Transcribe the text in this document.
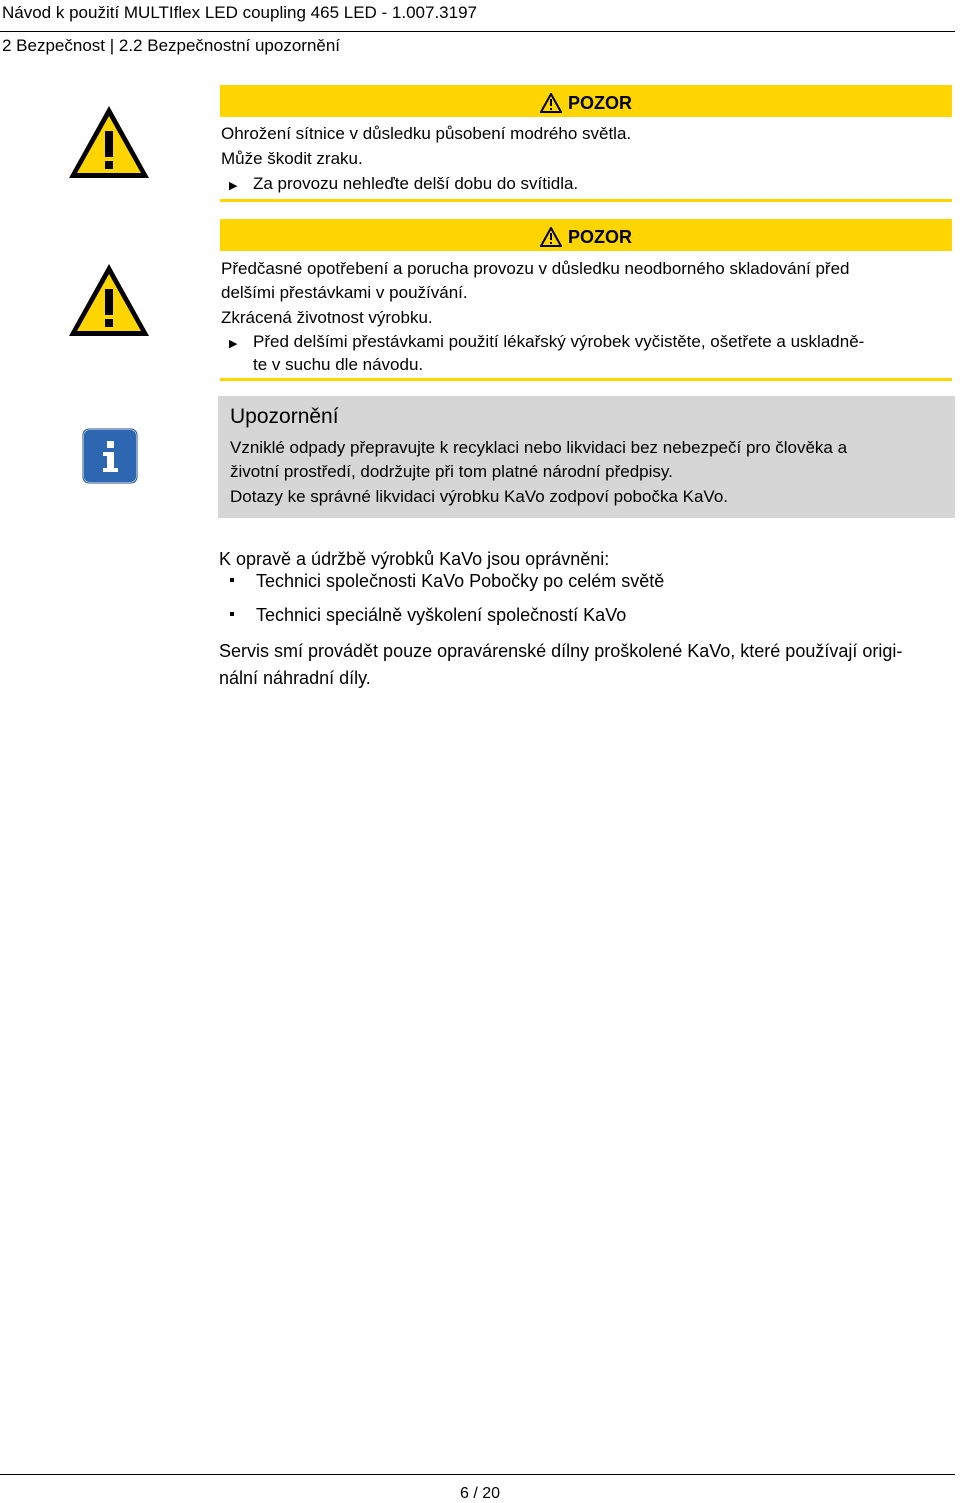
Návod k použití MULTIflex LED coupling 465 LED - 1.007.3197
2 Bezpečnost | 2.2 Bezpečnostní upozornění
POZOR
Ohrožení sítnice v důsledku působení modrého světla.
Může škodit zraku.
▶ Za provozu nehleďte delší dobu do svítidla.
POZOR
Předčasné opotřebení a porucha provozu v důsledku neodborného skladování před
delšími přestávkami v používání.
Zkrácená životnost výrobku.
▶ Před delšími přestávkami použití lékařský výrobek vyčistěte, ošetřete a uskladně-
te v suchu dle návodu.
Upozornění
Vzniklé odpady přepravujte k recyklaci nebo likvidaci bez nebezpečí pro člověka a
životní prostředí, dodržujte při tom platné národní předpisy.
Dotazy ke správné likvidaci výrobku KaVo zodpoví pobočka KaVo.
K opravě a údržbě výrobků KaVo jsou oprávněni:
Technici společnosti KaVo Pobočky po celém světě
Technici speciálně vyškolení společností KaVo
Servis smí provádět pouze opravárenské dílny proškolené KaVo, které používají origi-
nální náhradní díly.
6 / 20
